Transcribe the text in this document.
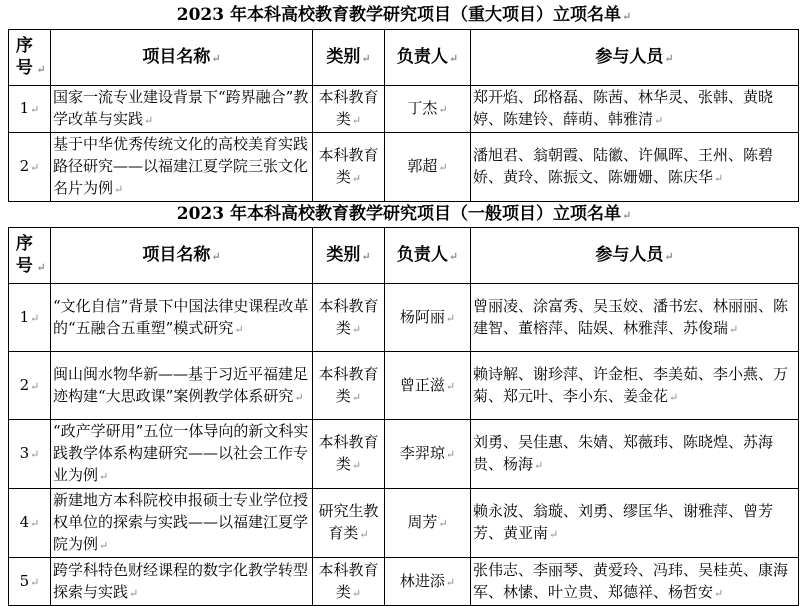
2023 年本科高校教育教学研究项目（重大项目）立项名单↵
序号 ↵	项目名称↵	类别↵	负责人↵	参与人员↵
1↵	国家一流专业建设背景下“跨界融合”教学改革与实践↵	本科教育类↵	丁杰↵	郑开焰、邱格磊、陈茜、林华灵、张韩、黄晓婷、陈建铃、薛萌、韩雅清↵
2↵	基于中华优秀传统文化的高校美育实践路径研究——以福建江夏学院三张文化名片为例↵	本科教育类↵	郭超↵	潘旭君、翁朝霞、陆徽、许佩晖、王州、陈碧娇、黄玲、陈振文、陈姗姗、陈庆华↵
2023 年本科高校教育教学研究项目（一般项目）立项名单↵
序号 ↵	项目名称↵	类别↵	负责人↵	参与人员↵
1↵	“文化自信”背景下中国法律史课程改革的“五融合五重塑”模式研究↵	本科教育类↵	杨阿丽↵	曾丽凌、涂富秀、吴玉姣、潘书宏、林丽丽、陈建智、董榕萍、陆娱、林雅萍、苏俊瑞↵
2↵	闽山闽水物华新——基于习近平福建足迹构建“大思政课”案例教学体系研究↵	本科教育类↵	曾正滋↵	赖诗解、谢珍萍、许金柜、李美茹、李小燕、万菊、郑元叶、李小东、姜金花↵
3↵	“政产学研用”五位一体导向的新文科实践教学体系构建研究——以社会工作专业为例↵	本科教育类↵	李羿琼↵	刘勇、吴佳惠、朱婧、郑薇玮、陈晓煌、苏海贵、杨海↵
4↵	新建地方本科院校申报硕士专业学位授权单位的探索与实践——以福建江夏学院为例↵	研究生教育类↵	周芳↵	赖永波、翁璇、刘勇、缪匡华、谢雅萍、曾芳芳、黄亚南↵
5↵	跨学科特色财经课程的数字化教学转型探索与实践↵	本科教育类↵	林进添↵	张伟志、李丽琴、黄爱玲、冯玮、吴桂英、康海军、林愫、叶立贵、郑德祥、杨哲安↵
